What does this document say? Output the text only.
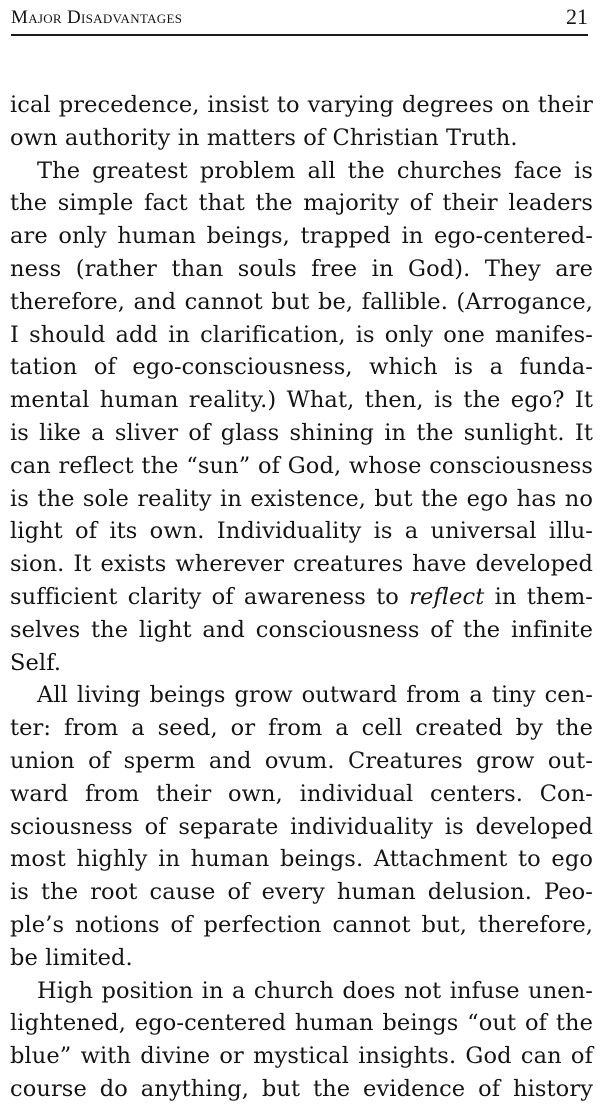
Major Disadvantages	21
ical precedence, insist to varying degrees on their
own authority in matters of Christian Truth.
The greatest problem all the churches face is
the simple fact that the majority of their leaders
are only human beings, trapped in ego-centered-
ness (rather than souls free in God). They are
therefore, and cannot but be, fallible. (Arrogance,
I should add in clarification, is only one manifes-
tation of ego-consciousness, which is a funda-
mental human reality.) What, then, is the ego? It
is like a sliver of glass shining in the sunlight. It
can reflect the “sun” of God, whose consciousness
is the sole reality in existence, but the ego has no
light of its own. Individuality is a universal illu-
sion. It exists wherever creatures have developed
sufficient clarity of awareness to reflect in them-
selves the light and consciousness of the infinite
Self.
All living beings grow outward from a tiny cen-
ter: from a seed, or from a cell created by the
union of sperm and ovum. Creatures grow out-
ward from their own, individual centers. Con-
sciousness of separate individuality is developed
most highly in human beings. Attachment to ego
is the root cause of every human delusion. Peo-
ple’s notions of perfection cannot but, therefore,
be limited.
High position in a church does not infuse unen-
lightened, ego-centered human beings “out of the
blue” with divine or mystical insights. God can of
course do anything, but the evidence of history
